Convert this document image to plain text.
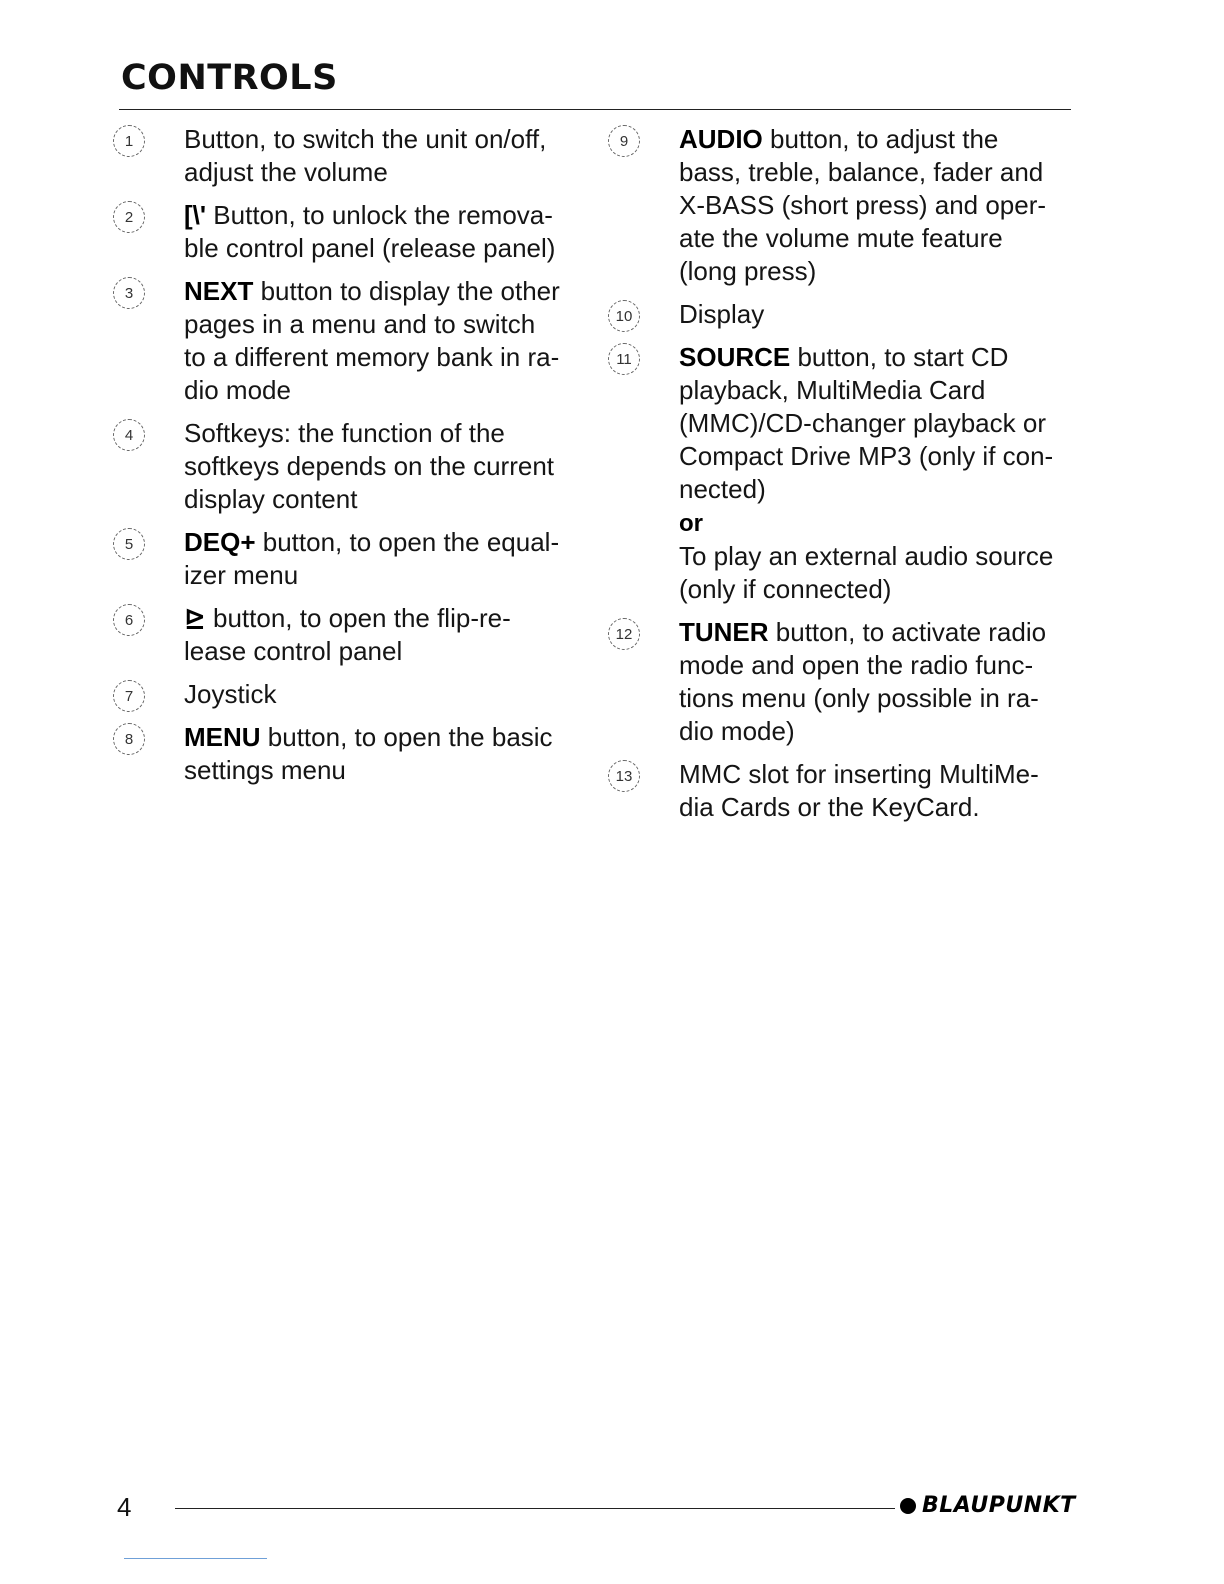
CONTROLS
1	Button, to switch the unit on/off,
adjust the volume
2	[\' Button, to unlock the remova-
ble control panel (release panel)
3	NEXT button to display the other
pages in a menu and to switch
to a different memory bank in ra-
dio mode
4	Softkeys: the function of the
softkeys depends on the current
display content
5	DEQ+ button, to open the equal-
izer menu
6	⊵ button, to open the flip-re-
lease control panel
7	Joystick
8	MENU button, to open the basic
settings menu
9	AUDIO button, to adjust the
bass, treble, balance, fader and
X-BASS (short press) and oper-
ate the volume mute feature
(long press)
10 Display
11	SOURCE button, to start CD
playback, MultiMedia Card
(MMC)/CD-changer playback or
Compact Drive MP3 (only if con-
nected)
or
To play an external audio source
(only if connected)
12 TUNER button, to activate radio
mode and open the radio func-
tions menu (only possible in ra-
dio mode)
13 MMC slot for inserting MultiMe-
dia Cards or the KeyCard.
4	BLAUPUNKT
